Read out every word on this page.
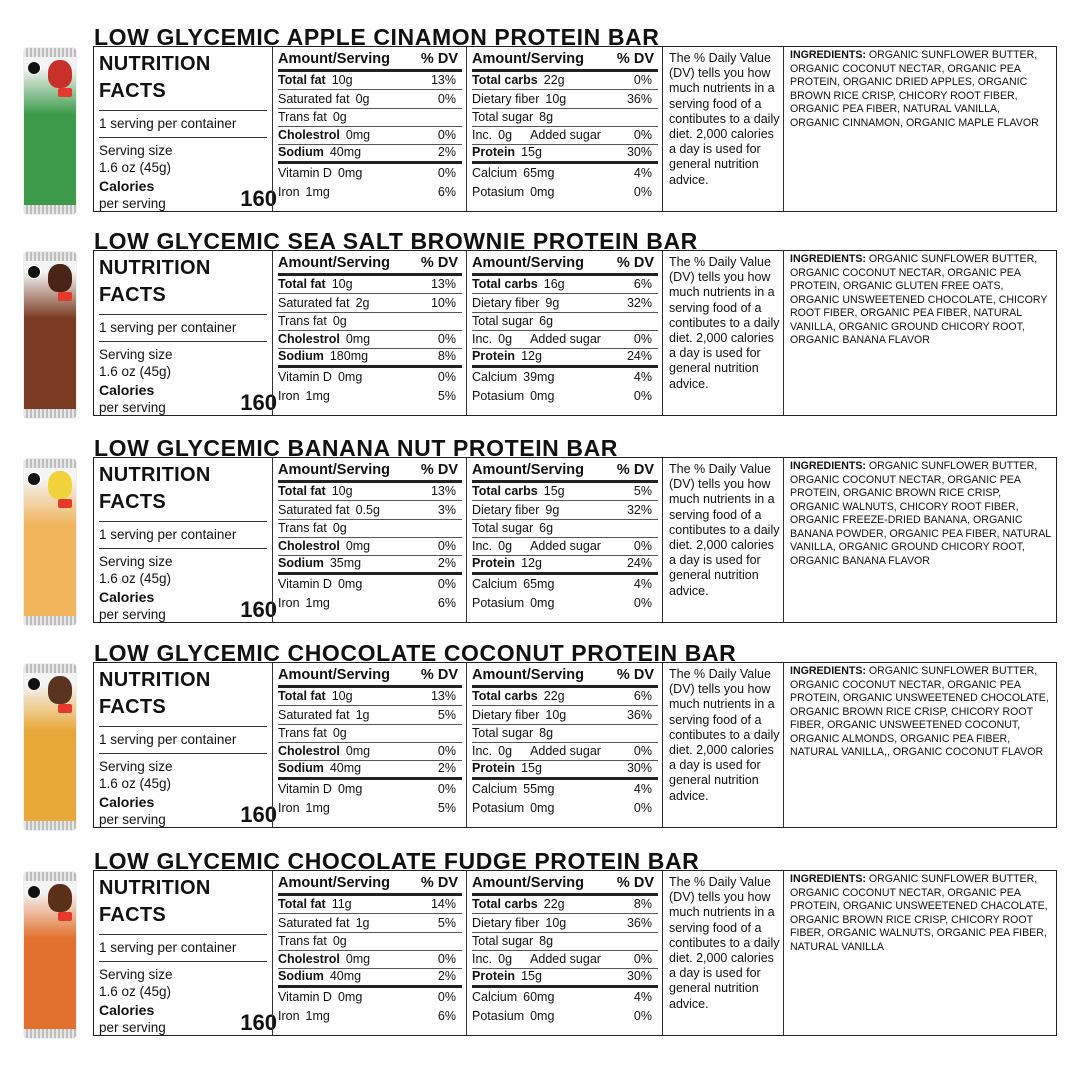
LOW GLYCEMIC APPLE CINAMON PROTEIN BAR
NUTRITION
FACTS
1 serving per container
Serving size
1.6 oz (45g)
Calories
per serving	160
Amount/Serving % DV
Total fat 10g	13%
Saturated fat 0g	0%
Trans fat 0g
Cholestrol 0mg	0%
Sodium 40mg	2%
Vitamin D 0mg	0%
Iron 1mg	6%
Amount/Serving % DV
Total carbs 22g	0%
Dietary fiber 10g	36%
Total sugar 8g
Inc. 0g Added sugar	0%
Protein 15g	30%
Calcium 65mg	4%
Potasium 0mg	0%
The % Daily Value (DV) tells you how much nutrients in a serving food of a contibutes to a daily diet. 2,000 calories a day is used for general nutrition advice.
INGREDIENTS: ORGANIC SUNFLOWER BUTTER, ORGANIC COCONUT NECTAR, ORGANIC PEA PROTEIN, ORGANIC DRIED APPLES, ORGANIC BROWN RICE CRISP, CHICORY ROOT FIBER, ORGANIC PEA FIBER, NATURAL VANILLA, ORGANIC CINNAMON, ORGANIC MAPLE FLAVOR
LOW GLYCEMIC SEA SALT BROWNIE PROTEIN BAR
NUTRITION
FACTS
1 serving per container
Serving size
1.6 oz (45g)
Calories
per serving	160
Amount/Serving % DV
Total fat 10g	13%
Saturated fat 2g	10%
Trans fat 0g
Cholestrol 0mg	0%
Sodium 180mg	8%
Vitamin D 0mg	0%
Iron 1mg	5%
Amount/Serving % DV
Total carbs 16g	6%
Dietary fiber 9g	32%
Total sugar 6g
Inc. 0g Added sugar	0%
Protein 12g	24%
Calcium 39mg	4%
Potasium 0mg	0%
The % Daily Value (DV) tells you how much nutrients in a serving food of a contibutes to a daily diet. 2,000 calories a day is used for general nutrition advice.
INGREDIENTS: ORGANIC SUNFLOWER BUTTER, ORGANIC COCONUT NECTAR, ORGANIC PEA PROTEIN, ORGANIC GLUTEN FREE OATS, ORGANIC UNSWEETENED CHOCOLATE, CHICORY ROOT FIBER, ORGANIC PEA FIBER, NATURAL VANILLA, ORGANIC GROUND CHICORY ROOT, ORGANIC BANANA FLAVOR
LOW GLYCEMIC BANANA NUT PROTEIN BAR
NUTRITION
FACTS
1 serving per container
Serving size
1.6 oz (45g)
Calories
per serving	160
Amount/Serving % DV
Total fat 10g	13%
Saturated fat 0.5g	3%
Trans fat 0g
Cholestrol 0mg	0%
Sodium 35mg	2%
Vitamin D 0mg	0%
Iron 1mg	6%
Amount/Serving % DV
Total carbs 15g	5%
Dietary fiber 9g	32%
Total sugar 6g
Inc. 0g Added sugar	0%
Protein 12g	24%
Calcium 65mg	4%
Potasium 0mg	0%
The % Daily Value (DV) tells you how much nutrients in a serving food of a contibutes to a daily diet. 2,000 calories a day is used for general nutrition advice.
INGREDIENTS: ORGANIC SUNFLOWER BUTTER, ORGANIC COCONUT NECTAR, ORGANIC PEA PROTEIN, ORGANIC BROWN RICE CRISP, ORGANIC WALNUTS, CHICORY ROOT FIBER, ORGANIC FREEZE-DRIED BANANA, ORGANIC BANANA POWDER, ORGANIC PEA FIBER, NATURAL VANILLA, ORGANIC GROUND CHICORY ROOT, ORGANIC BANANA FLAVOR
LOW GLYCEMIC CHOCOLATE COCONUT PROTEIN BAR
NUTRITION
FACTS
1 serving per container
Serving size
1.6 oz (45g)
Calories
per serving	160
Amount/Serving % DV
Total fat 10g	13%
Saturated fat 1g	5%
Trans fat 0g
Cholestrol 0mg	0%
Sodium 40mg	2%
Vitamin D 0mg	0%
Iron 1mg	5%
Amount/Serving % DV
Total carbs 22g	6%
Dietary fiber 10g	36%
Total sugar 8g
Inc. 0g Added sugar	0%
Protein 15g	30%
Calcium 55mg	4%
Potasium 0mg	0%
The % Daily Value (DV) tells you how much nutrients in a serving food of a contibutes to a daily diet. 2,000 calories a day is used for general nutrition advice.
INGREDIENTS: ORGANIC SUNFLOWER BUTTER, ORGANIC COCONUT NECTAR, ORGANIC PEA PROTEIN, ORGANIC UNSWEETENED CHOCOLATE, ORGANIC BROWN RICE CRISP, CHICORY ROOT FIBER, ORGANIC UNSWEETENED COCONUT, ORGANIC ALMONDS, ORGANIC PEA FIBER, NATURAL VANILLA,, ORGANIC COCONUT FLAVOR
LOW GLYCEMIC CHOCOLATE FUDGE PROTEIN BAR
NUTRITION
FACTS
1 serving per container
Serving size
1.6 oz (45g)
Calories
per serving	160
Amount/Serving % DV
Total fat 11g	14%
Saturated fat 1g	5%
Trans fat 0g
Cholestrol 0mg	0%
Sodium 40mg	2%
Vitamin D 0mg	0%
Iron 1mg	6%
Amount/Serving % DV
Total carbs 22g	8%
Dietary fiber 10g	36%
Total sugar 8g
Inc. 0g Added sugar	0%
Protein 15g	30%
Calcium 60mg	4%
Potasium 0mg	0%
The % Daily Value (DV) tells you how much nutrients in a serving food of a contibutes to a daily diet. 2,000 calories a day is used for general nutrition advice.
INGREDIENTS: ORGANIC SUNFLOWER BUTTER, ORGANIC COCONUT NECTAR, ORGANIC PEA PROTEIN, ORGANIC UNSWEETENED CHACOLATE, ORGANIC BROWN RICE CRISP, CHICORY ROOT FIBER, ORGANIC WALNUTS, ORGANIC PEA FIBER, NATURAL VANILLA
